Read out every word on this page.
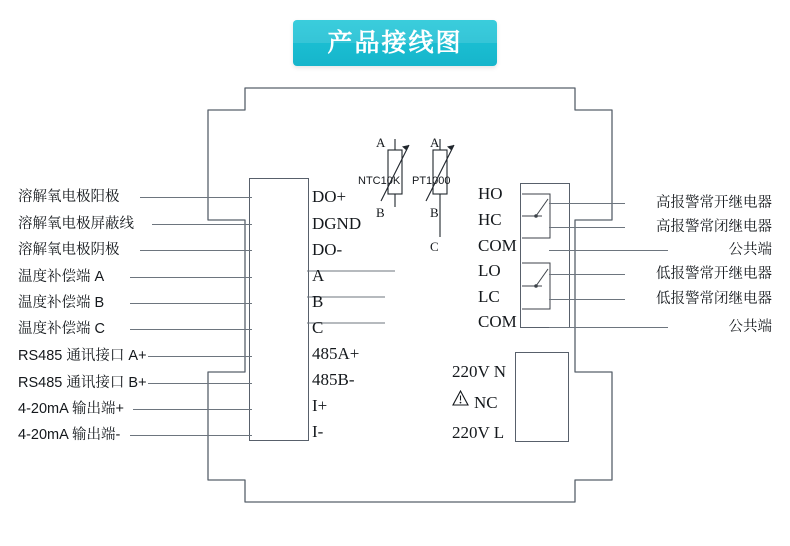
产品接线图
NTC10K PT1000
A
B
A
B
C
溶解氧电极阳极
溶解氧电极屏蔽线
溶解氧电极阴极
温度补偿端 A
温度补偿端 B
温度补偿端 C
RS485 通讯接口 A+
RS485 通讯接口 B+
4-20mA 输出端+
4-20mA 输出端-
DO+
DGND
DO-
A
B
C
485A+
485B-
I+
I-
HO
HC
COM
LO
LC
COM
220V N
NC
220V L
高报警常开继电器
高报警常闭继电器
公共端
低报警常开继电器
低报警常闭继电器
公共端
